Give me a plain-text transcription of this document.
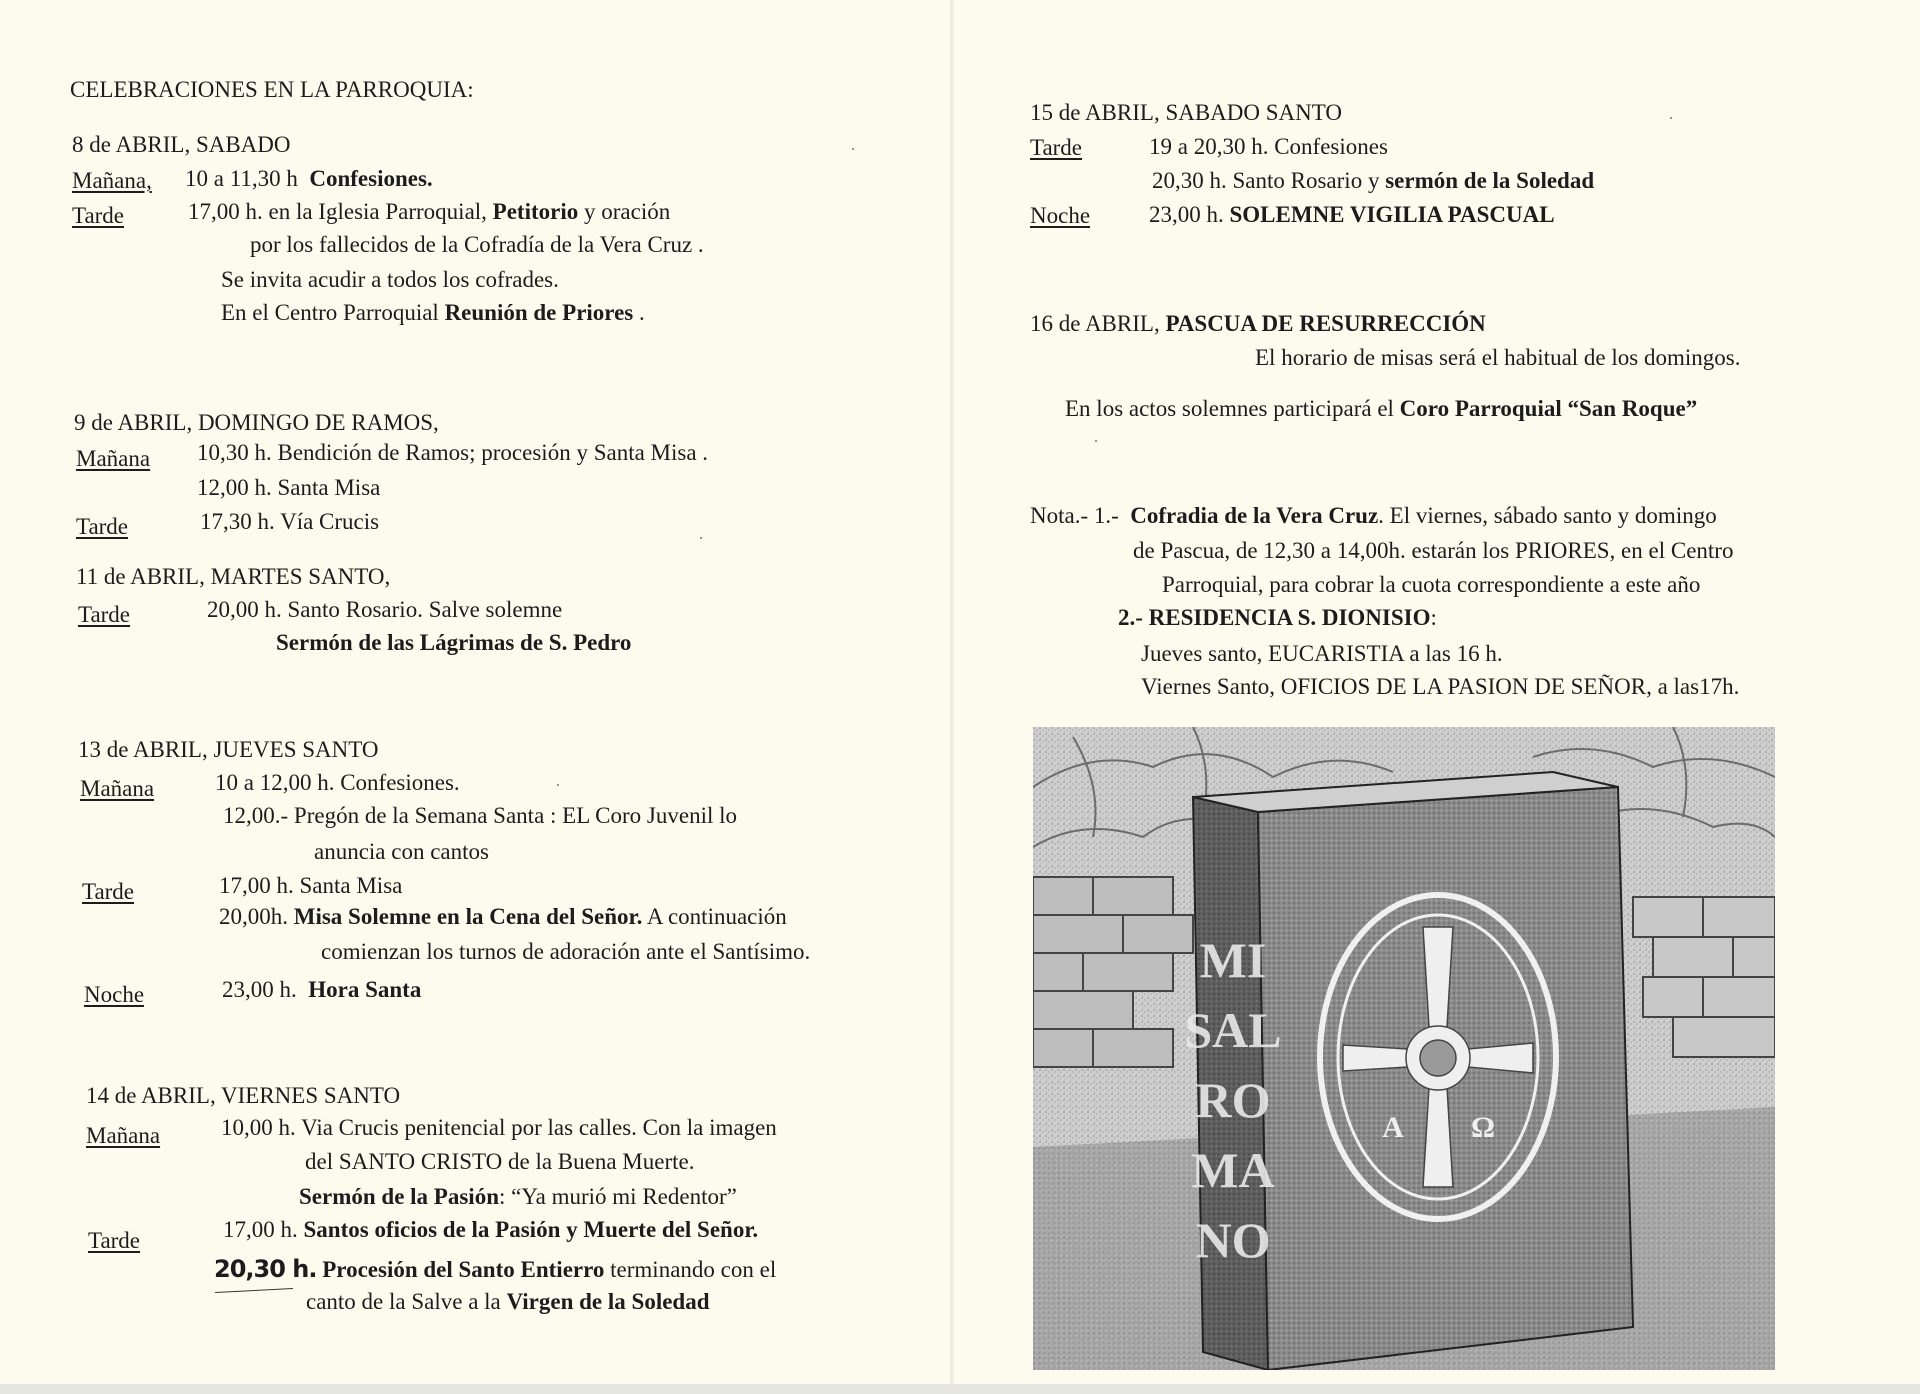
CELEBRACIONES EN LA PARROQUIA:
8 de ABRIL, SABADO
Mañana, 10 a 11,30 h Confesiones.
Tarde	17,00 h. en la Iglesia Parroquial, Petitorio y oración
por los fallecidos de la Cofradía de la Vera Cruz .
Se invita acudir a todos los cofrades.
En el Centro Parroquial Reunión de Priores .
9 de ABRIL, DOMINGO DE RAMOS,
Mañana 10,30 h. Bendición de Ramos; procesión y Santa Misa .
12,00 h. Santa Misa
Tarde	17,30 h. Vía Crucis
11 de ABRIL, MARTES SANTO,
Tarde	20,00 h. Santo Rosario. Salve solemne
Sermón de las Lágrimas de S. Pedro
13 de ABRIL, JUEVES SANTO
Mañana	10 a 12,00 h. Confesiones.
12,00.- Pregón de la Semana Santa : EL Coro Juvenil lo
anuncia con cantos
Tarde	17,00 h. Santa Misa
20,00h. Misa Solemne en la Cena del Señor. A continuación
comienzan los turnos de adoración ante el Santísimo.
Noche	23,00 h. Hora Santa
14 de ABRIL, VIERNES SANTO
Mañana	10,00 h. Via Crucis penitencial por las calles. Con la imagen
del SANTO CRISTO de la Buena Muerte.
Sermón de la Pasión: “Ya murió mi Redentor”
Tarde	17,00 h. Santos oficios de la Pasión y Muerte del Señor.
20,30 h. Procesión del Santo Entierro terminando con el
canto de la Salve a la Virgen de la Soledad
15 de ABRIL, SABADO SANTO
Tarde	19 a 20,30 h. Confesiones
20,30 h. Santo Rosario y sermón de la Soledad
Noche	23,00 h. SOLEMNE VIGILIA PASCUAL
16 de ABRIL, PASCUA DE RESURRECCIÓN
El horario de misas será el habitual de los domingos.
En los actos solemnes participará el Coro Parroquial “San Roque”
Nota.- 1.- Cofradia de la Vera Cruz. El viernes, sábado santo y domingo
de Pascua, de 12,30 a 14,00h. estarán los PRIORES, en el Centro
Parroquial, para cobrar la cuota correspondiente a este año
2.- RESIDENCIA S. DIONISIO:
Jueves santo, EUCARISTIA a las 16 h.
Viernes Santo, OFICIOS DE LA PASION DE SEÑOR, a las17h.
MI
SAL
RO
MA
NO
A Ω
